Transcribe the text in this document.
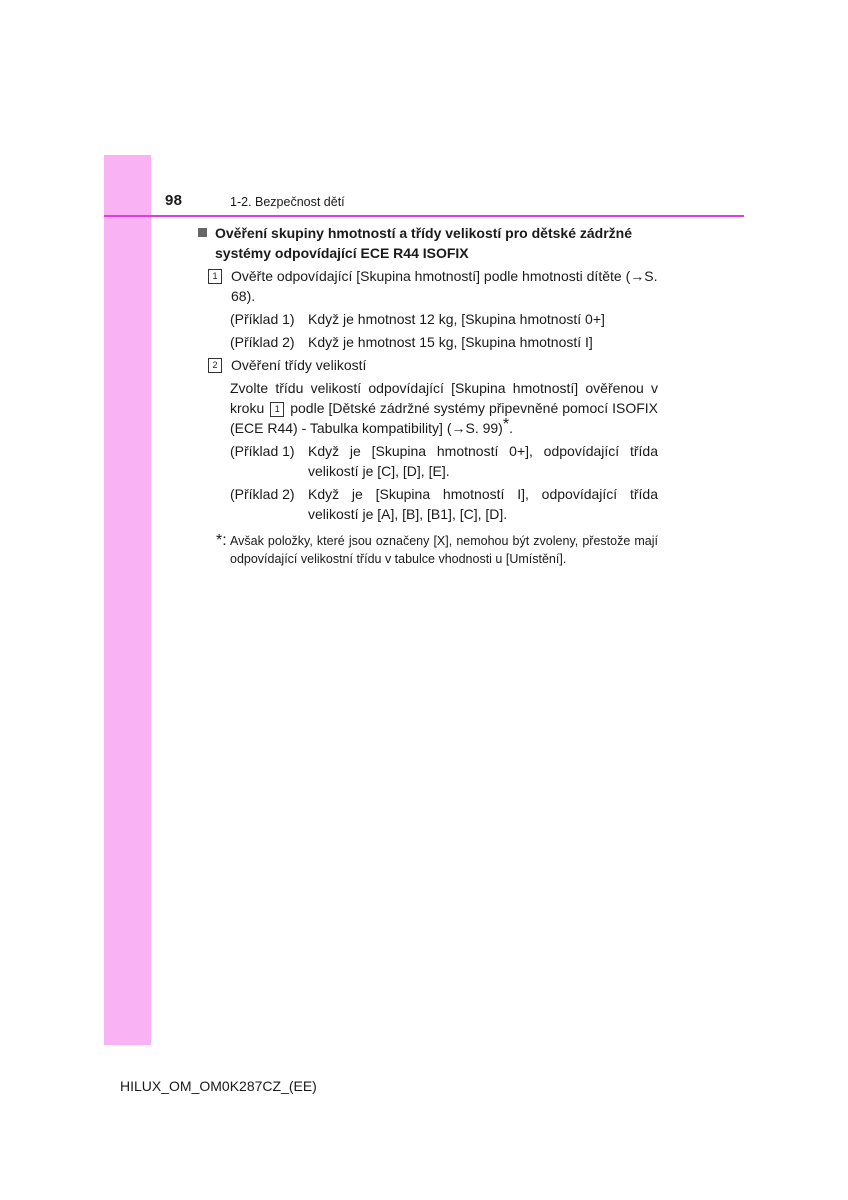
98	1-2. Bezpečnost dětí
Ověření skupiny hmotností a třídy velikostí pro dětské zádržné systémy odpovídající ECE R44 ISOFIX
1 Ověřte odpovídající [Skupina hmotností] podle hmotnosti dítěte (→S. 68).
(Příklad 1) Když je hmotnost 12 kg, [Skupina hmotností 0+]
(Příklad 2) Když je hmotnost 15 kg, [Skupina hmotností I]
2 Ověření třídy velikostí
Zvolte třídu velikostí odpovídající [Skupina hmotností] ověřenou v kroku 1 podle [Dětské zádržné systémy připevněné pomocí ISOFIX (ECE R44) - Tabulka kompatibility] (→S. 99)*.
(Příklad 1) Když je [Skupina hmotností 0+], odpovídající třída velikostí je [C], [D], [E].
(Příklad 2) Když je [Skupina hmotností I], odpovídající třída velikostí je [A], [B], [B1], [C], [D].
*: Avšak položky, které jsou označeny [X], nemohou být zvoleny, přestože mají odpovídající velikostní třídu v tabulce vhodnosti u [Umístění].
HILUX_OM_OM0K287CZ_(EE)
